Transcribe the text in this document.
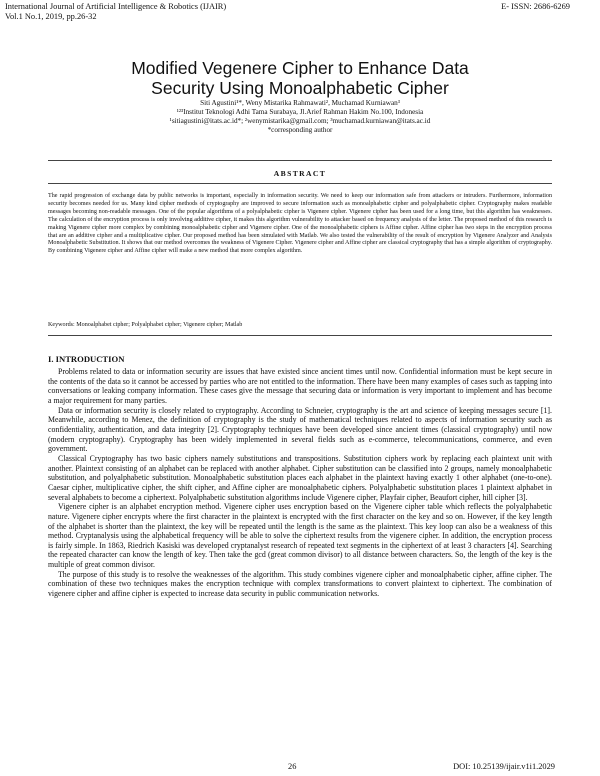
International Journal of Artificial Intelligence & Robotics (IJAIR)
Vol.1 No.1, 2019, pp.26-32
E- ISSN: 2686-6269
Modified Vegenere Cipher to Enhance Data
Security Using Monoalphabetic Cipher
Siti Agustini¹*, Weny Mistarika Rahmawati², Muchamad Kurniawan³
¹²³Institut Teknologi Adhi Tama Surabaya, Jl.Arief Rahman Hakim No.100, Indonesia
¹sitiagustini@itats.ac.id*; ²wenymistarika@gmail.com; ³muchamad.kurniawan@itats.ac.id
*corresponding author
ABSTRACT

The rapid progression of exchange data by public networks is important, especially in information security. We need to keep our information safe from attackers or intruders. Furthermore, information security becomes needed for us. Many kind cipher methods of cryptography are improved to secure information such as monoalphabetic cipher and polyalphabetic cipher. Cryptography makes readable messages becoming non-readable messages. One of the popular algorithms of a polyalphabetic cipher is Vigenere cipher. Vigenere cipher has been used for a long time, but this algorithm has weaknesses. The calculation of the encryption process is only involving additive cipher, it makes this algorithm vulnerability to attacker based on frequency analysis of the letter. The proposed method of this research is making Vigenere cipher more complex by combining monoalphabetic cipher and Vigenere cipher. One of the monoalphabetic ciphers is Affine cipher. Affine cipher has two steps in the encryption process that are an additive cipher and a multiplicative cipher. Our proposed method has been simulated with Matlab. We also tested the vulnerability of the result of encryption by Vigenere Analyzer and Analysis Monoalphabetic Substitution. It shows that our method overcomes the weakness of Vigenere Cipher. Vigenere cipher and Affine cipher are classical cryptography that has a simple algorithm of cryptography. By combining Vigenere cipher and Affine cipher will make a new method that more complex algorithm.

Keywords: Monoalphabet cipher; Polyalphabet cipher; Vigenere cipher; Matlab

I. INTRODUCTION

Problems related to data or information security are issues that have existed since ancient times until now. Confidential information must be kept secure in the contents of the data so it cannot be accessed by parties who are not entitled to the information. There have been many examples of cases such as tapping into conversations or leaking company information. These cases give the message that securing data or information is very important to implement and has become a major requirement for many parties.

Data or information security is closely related to cryptography. According to Schneier, cryptography is the art and science of keeping messages secure [1]. Meanwhile, according to Menez, the definition of cryptography is the study of mathematical techniques related to aspects of information security such as confidentiality, authentication, and data integrity [2]. Cryptography techniques have been developed since ancient times (classical cryptography) until now (modern cryptography). Cryptography has been widely implemented in several fields such as e-commerce, telecommunications, commerce, and even government.

Classical Cryptography has two basic ciphers namely substitutions and transpositions. Substitution ciphers work by replacing each plaintext unit with another. Plaintext consisting of an alphabet can be replaced with another alphabet. Cipher substitution can be classified into 2 groups, namely monoalphabetic substitution, and polyalphabetic substitution. Monoalphabetic substitution places each alphabet in the plaintext having exactly 1 other alphabet (one-to-one). Caesar cipher, multiplicative cipher, the shift cipher, and Affine cipher are monoalphabetic ciphers. Polyalphabetic substitution places 1 plaintext alphabet in several alphabets to become a ciphertext. Polyalphabetic substitution algorithms include Vigenere cipher, Playfair cipher, Beaufort cipher, hill cipher [3].

Vigenere cipher is an alphabet encryption method. Vigenere cipher uses encryption based on the Vigenere cipher table which reflects the polyalphabetic nature. Vigenere cipher encrypts where the first character in the plaintext is encrypted with the first character on the key and so on. However, if the key length of the alphabet is shorter than the plaintext, the key will be repeated until the length is the same as the plaintext. This key loop can also be a weakness of this method. Cryptanalysis using the alphabetical frequency will be able to solve the ciphertext results from the vigenere cipher. In addition, the encryption process is fairly simple. In 1863, Riedrich Kasiski was developed cryptanalyst research of repeated text segments in the ciphertext of at least 3 characters [4]. Searching the repeated character can know the length of key. Then take the gcd (great common divisor) to all distance between characters. So, the length of the key is the multiple of great common divisor.

The purpose of this study is to resolve the weaknesses of the algorithm. This study combines vigenere cipher and monoalphabetic cipher, affine cipher. The combination of these two techniques makes the encryption technique with complex transformations to convert plaintext to ciphertext. The combination of vigenere cipher and affine cipher is expected to increase data security in public communication networks.

26	DOI: 10.25139/ijair.v1i1.2029
